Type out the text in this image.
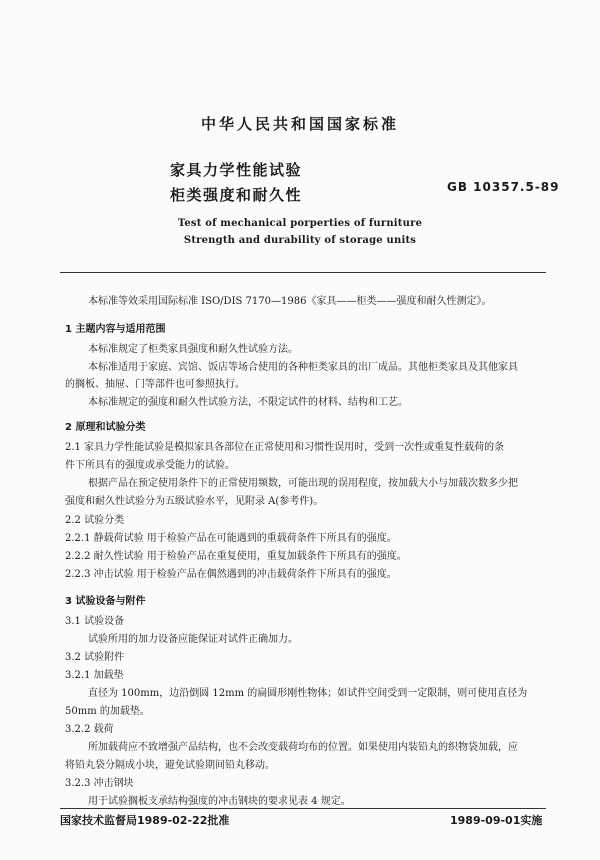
中华人民共和国国家标准
家具力学性能试验
柜类强度和耐久性	GB 10357.5-89
Test of mechanical porperties of furniture
Strength and durability of storage units
本标准等效采用国际标准 ISO/DIS 7170—1986《家具——柜类——强度和耐久性测定》。
1 主题内容与适用范围
本标准规定了柜类家具强度和耐久性试验方法。
本标准适用于家庭、宾馆、饭店等场合使用的各种柜类家具的出厂成品。其他柜类家具及其他家具
的搁板、抽屉、门等部件也可参照执行。
本标准规定的强度和耐久性试验方法，不限定试件的材料、结构和工艺。
2 原理和试验分类
2.1 家具力学性能试验是模拟家具各部位在正常使用和习惯性误用时，受到一次性或重复性载荷的条
件下所具有的强度或承受能力的试验。
根据产品在预定使用条件下的正常使用频数，可能出现的误用程度，按加载大小与加载次数多少把
强度和耐久性试验分为五级试验水平，见附录 A(参考件)。
2.2 试验分类
2.2.1 静载荷试验 用于检验产品在可能遇到的重载荷条件下所具有的强度。
2.2.2 耐久性试验 用于检验产品在重复使用，重复加载条件下所具有的强度。
2.2.3 冲击试验 用于检验产品在偶然遇到的冲击载荷条件下所具有的强度。
3 试验设备与附件
3.1 试验设备
试验所用的加力设备应能保证对试件正确加力。
3.2 试验附件
3.2.1 加载垫
直径为 100mm，边沿倒圆 12mm 的扁圆形刚性物体；如试件空间受到一定限制，则可使用直径为
50mm 的加载垫。
3.2.2 载荷
所加载荷应不致增强产品结构，也不会改变载荷均布的位置。如果使用内装铅丸的织物袋加载，应
将铅丸袋分隔成小块，避免试验期间铅丸移动。
3.2.3 冲击钢块
用于试验搁板支承结构强度的冲击钢块的要求见表 4 规定。
国家技术监督局1989-02-22批准	1989-09-01实施
